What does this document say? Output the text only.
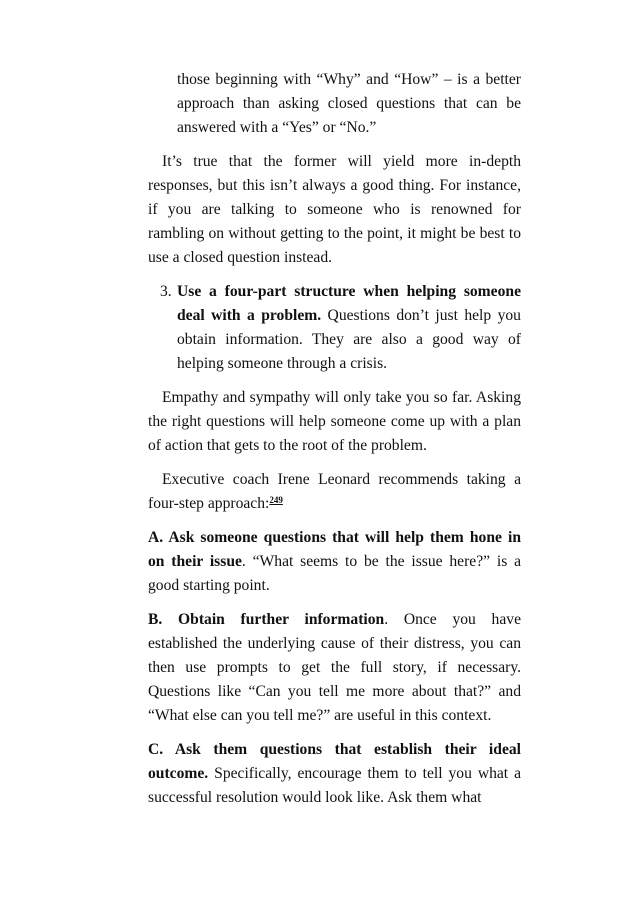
those beginning with “Why” and “How” – is a better approach than asking closed questions that can be answered with a “Yes” or “No.”

It’s true that the former will yield more in-depth responses, but this isn’t always a good thing. For instance, if you are talking to someone who is renowned for rambling on without getting to the point, it might be best to use a closed question instead.

3. Use a four-part structure when helping someone deal with a problem. Questions don’t just help you obtain information. They are also a good way of helping someone through a crisis.

Empathy and sympathy will only take you so far. Asking the right questions will help someone come up with a plan of action that gets to the root of the problem.

Executive coach Irene Leonard recommends taking a four-step approach:$^{249}$

A. Ask someone questions that will help them hone in on their issue. “What seems to be the issue here?” is a good starting point.

B. Obtain further information. Once you have established the underlying cause of their distress, you can then use prompts to get the full story, if necessary. Questions like “Can you tell me more about that?” and “What else can you tell me?” are useful in this context.

C. Ask them questions that establish their ideal outcome. Specifically, encourage them to tell you what a successful resolution would look like. Ask them what
